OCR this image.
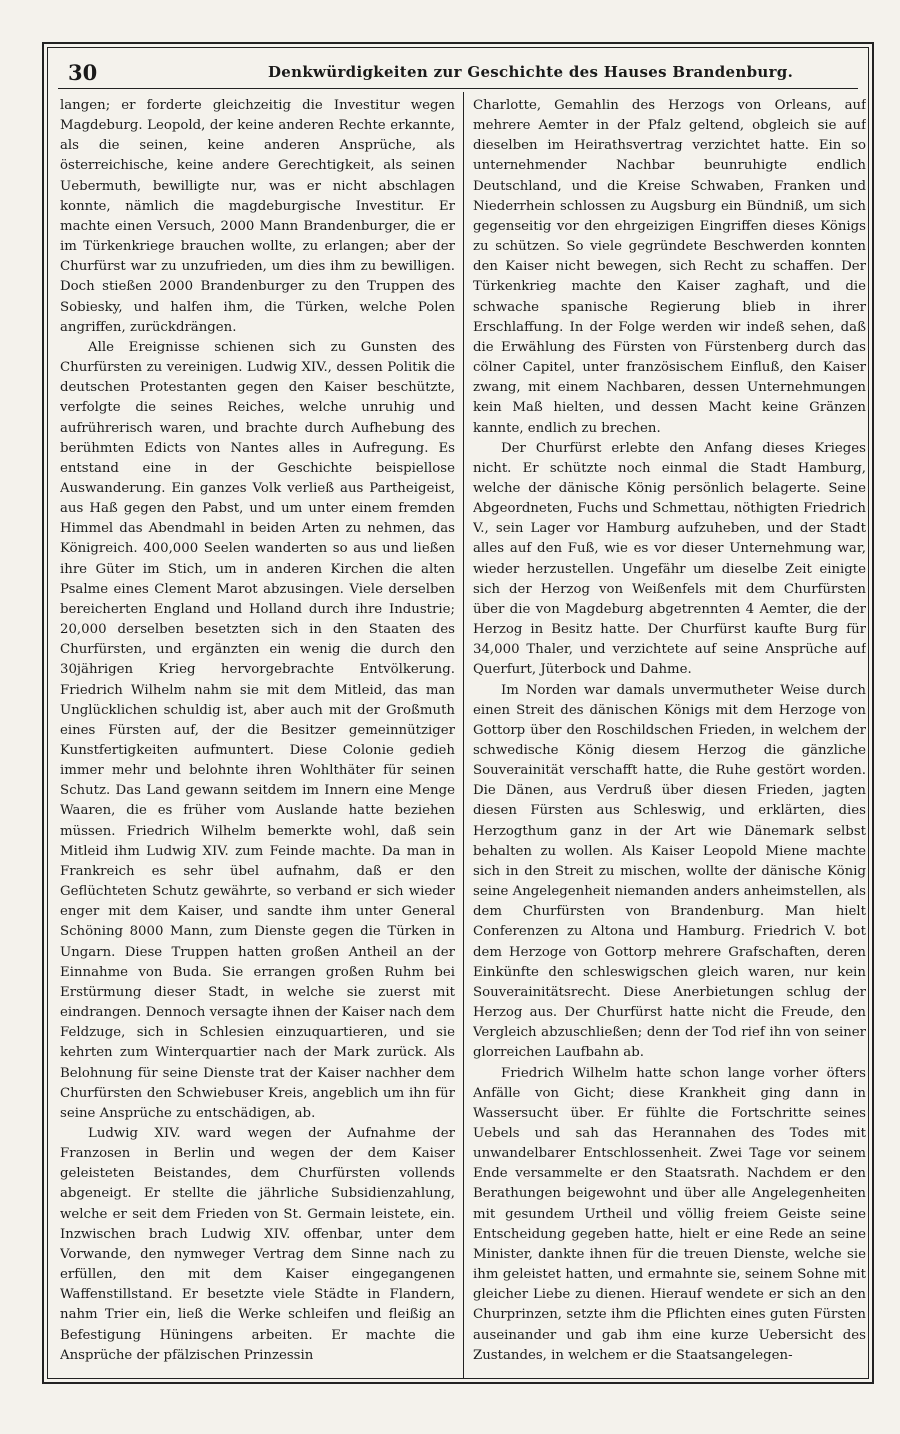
30	Denkwürdigkeiten zur Geschichte des Hauses Brandenburg.

langen; er forderte gleichzeitig die Investitur wegen Magdeburg. Leopold, der keine anderen Rechte erkannte, als die seinen, keine anderen Ansprüche, als österreichische, keine andere Gerechtigkeit, als seinen Uebermuth, bewilligte nur, was er nicht abschlagen konnte, nämlich die magdeburgische Investitur. Er machte einen Versuch, 2000 Mann Brandenburger, die er im Türkenkriege brauchen wollte, zu erlangen; aber der Churfürst war zu unzufrieden, um dies ihm zu bewilligen. Doch stießen 2000 Brandenburger zu den Truppen des Sobiesky, und halfen ihm, die Türken, welche Polen angriffen, zurückdrängen.

Alle Ereignisse schienen sich zu Gunsten des Churfürsten zu vereinigen. Ludwig XIV., dessen Politik die deutschen Protestanten gegen den Kaiser beschützte, verfolgte die seines Reiches, welche unruhig und aufrührerisch waren, und brachte durch Aufhebung des berühmten Edicts von Nantes alles in Aufregung. Es entstand eine in der Geschichte beispiellose Auswanderung. Ein ganzes Volk verließ aus Partheigeist, aus Haß gegen den Pabst, und um unter einem fremden Himmel das Abendmahl in beiden Arten zu nehmen, das Königreich. 400,000 Seelen wanderten so aus und ließen ihre Güter im Stich, um in anderen Kirchen die alten Psalme eines Clement Marot abzusingen. Viele derselben bereicherten England und Holland durch ihre Industrie; 20,000 derselben besetzten sich in den Staaten des Churfürsten, und ergänzten ein wenig die durch den 30jährigen Krieg hervorgebrachte Entvölkerung. Friedrich Wilhelm nahm sie mit dem Mitleid, das man Unglücklichen schuldig ist, aber auch mit der Großmuth eines Fürsten auf, der die Besitzer gemeinnütziger Kunstfertigkeiten aufmuntert. Diese Colonie gedieh immer mehr und belohnte ihren Wohlthäter für seinen Schutz. Das Land gewann seitdem im Innern eine Menge Waaren, die es früher vom Auslande hatte beziehen müssen. Friedrich Wilhelm bemerkte wohl, daß sein Mitleid ihm Ludwig XIV. zum Feinde machte. Da man in Frankreich es sehr übel aufnahm, daß er den Geflüchteten Schutz gewährte, so verband er sich wieder enger mit dem Kaiser, und sandte ihm unter General Schöning 8000 Mann, zum Dienste gegen die Türken in Ungarn. Diese Truppen hatten großen Antheil an der Einnahme von Buda. Sie errangen großen Ruhm bei Erstürmung dieser Stadt, in welche sie zuerst mit eindrangen. Dennoch versagte ihnen der Kaiser nach dem Feldzuge, sich in Schlesien einzuquartieren, und sie kehrten zum Winterquartier nach der Mark zurück. Als Belohnung für seine Dienste trat der Kaiser nachher dem Churfürsten den Schwiebuser Kreis, angeblich um ihn für seine Ansprüche zu entschädigen, ab.

Ludwig XIV. ward wegen der Aufnahme der Franzosen in Berlin und wegen der dem Kaiser geleisteten Beistandes, dem Churfürsten vollends abgeneigt. Er stellte die jährliche Subsidienzahlung, welche er seit dem Frieden von St. Germain leistete, ein. Inzwischen brach Ludwig XIV. offenbar, unter dem Vorwande, den nymweger Vertrag dem Sinne nach zu erfüllen, den mit dem Kaiser eingegangenen Waffenstillstand. Er besetzte viele Städte in Flandern, nahm Trier ein, ließ die Werke schleifen und fleißig an Befestigung Hüningens arbeiten. Er machte die Ansprüche der pfälzischen Prinzessin

Charlotte, Gemahlin des Herzogs von Orleans, auf mehrere Aemter in der Pfalz geltend, obgleich sie auf dieselben im Heirathsvertrag verzichtet hatte. Ein so unternehmender Nachbar beunruhigte endlich Deutschland, und die Kreise Schwaben, Franken und Niederrhein schlossen zu Augsburg ein Bündniß, um sich gegenseitig vor den ehrgeizigen Eingriffen dieses Königs zu schützen. So viele gegründete Beschwerden konnten den Kaiser nicht bewegen, sich Recht zu schaffen. Der Türkenkrieg machte den Kaiser zaghaft, und die schwache spanische Regierung blieb in ihrer Erschlaffung. In der Folge werden wir indeß sehen, daß die Erwählung des Fürsten von Fürstenberg durch das cölner Capitel, unter französischem Einfluß, den Kaiser zwang, mit einem Nachbaren, dessen Unternehmungen kein Maß hielten, und dessen Macht keine Gränzen kannte, endlich zu brechen.

Der Churfürst erlebte den Anfang dieses Krieges nicht. Er schützte noch einmal die Stadt Hamburg, welche der dänische König persönlich belagerte. Seine Abgeordneten, Fuchs und Schmettau, nöthigten Friedrich V., sein Lager vor Hamburg aufzuheben, und der Stadt alles auf den Fuß, wie es vor dieser Unternehmung war, wieder herzustellen. Ungefähr um dieselbe Zeit einigte sich der Herzog von Weißenfels mit dem Churfürsten über die von Magdeburg abgetrennten 4 Aemter, die der Herzog in Besitz hatte. Der Churfürst kaufte Burg für 34,000 Thaler, und verzichtete auf seine Ansprüche auf Querfurt, Jüterbock und Dahme.

Im Norden war damals unvermutheter Weise durch einen Streit des dänischen Königs mit dem Herzoge von Gottorp über den Roschildschen Frieden, in welchem der schwedische König diesem Herzog die gänzliche Souverainität verschafft hatte, die Ruhe gestört worden. Die Dänen, aus Verdruß über diesen Frieden, jagten diesen Fürsten aus Schleswig, und erklärten, dies Herzogthum ganz in der Art wie Dänemark selbst behalten zu wollen. Als Kaiser Leopold Miene machte sich in den Streit zu mischen, wollte der dänische König seine Angelegenheit niemanden anders anheimstellen, als dem Churfürsten von Brandenburg. Man hielt Conferenzen zu Altona und Hamburg. Friedrich V. bot dem Herzoge von Gottorp mehrere Grafschaften, deren Einkünfte den schleswigschen gleich waren, nur kein Souverainitätsrecht. Diese Anerbietungen schlug der Herzog aus. Der Churfürst hatte nicht die Freude, den Vergleich abzuschließen; denn der Tod rief ihn von seiner glorreichen Laufbahn ab.

Friedrich Wilhelm hatte schon lange vorher öfters Anfälle von Gicht; diese Krankheit ging dann in Wassersucht über. Er fühlte die Fortschritte seines Uebels und sah das Herannahen des Todes mit unwandelbarer Entschlossenheit. Zwei Tage vor seinem Ende versammelte er den Staatsrath. Nachdem er den Berathungen beigewohnt und über alle Angelegenheiten mit gesundem Urtheil und völlig freiem Geiste seine Entscheidung gegeben hatte, hielt er eine Rede an seine Minister, dankte ihnen für die treuen Dienste, welche sie ihm geleistet hatten, und ermahnte sie, seinem Sohne mit gleicher Liebe zu dienen. Hierauf wendete er sich an den Churprinzen, setzte ihm die Pflichten eines guten Fürsten auseinander und gab ihm eine kurze Uebersicht des Zustandes, in welchem er die Staatsangelegen-
